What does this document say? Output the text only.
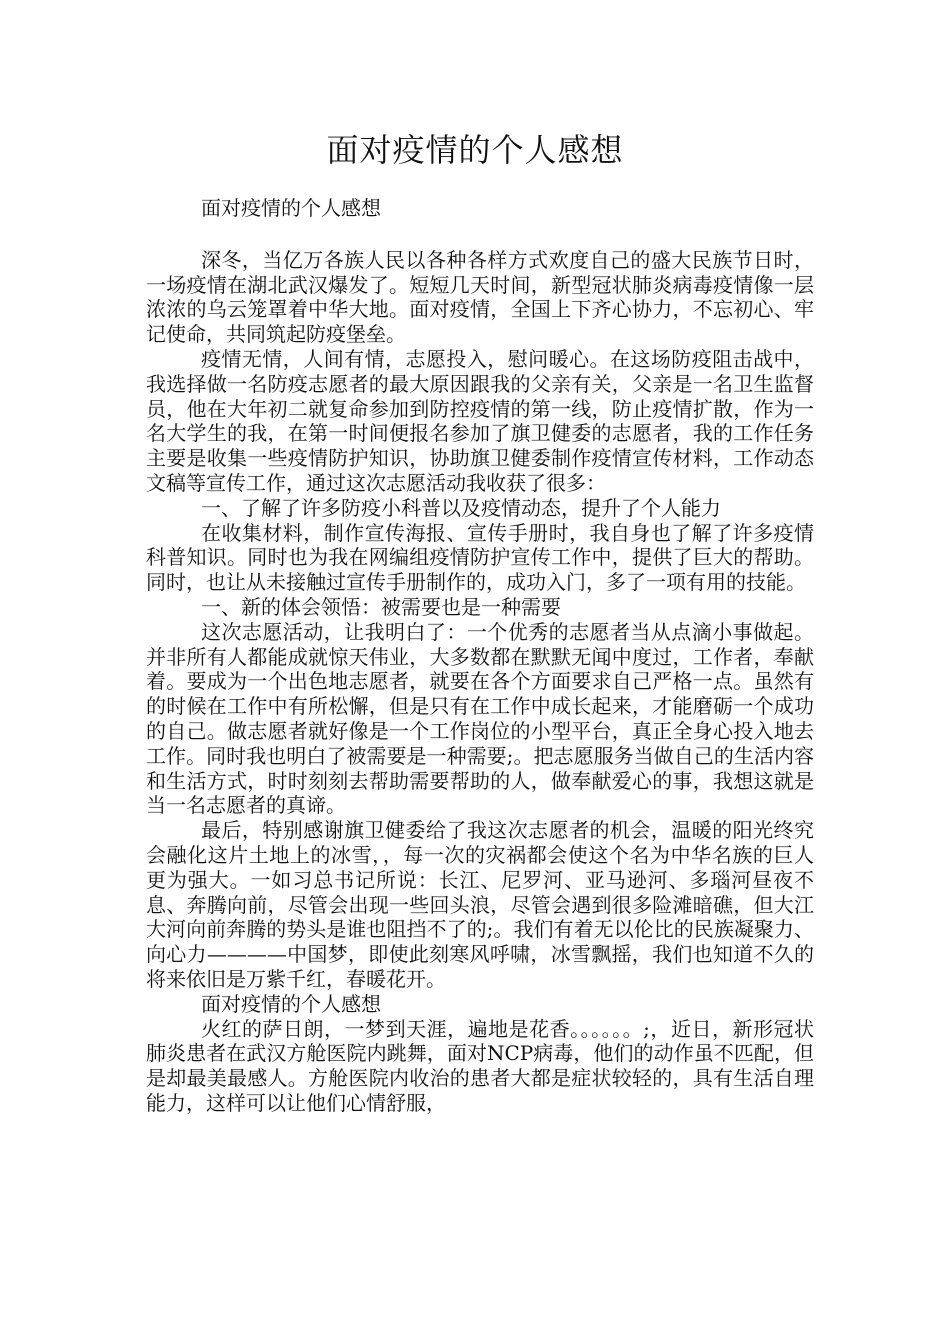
面对疫情的个人感想

面对疫情的个人感想

深冬，当亿万各族人民以各种各样方式欢度自己的盛大民族节日时，一场疫情在湖北武汉爆发了。短短几天时间，新型冠状肺炎病毒疫情像一层浓浓的乌云笼罩着中华大地。面对疫情，全国上下齐心协力，不忘初心、牢记使命，共同筑起防疫堡垒。

疫情无情，人间有情，志愿投入，慰问暖心。在这场防疫阻击战中，我选择做一名防疫志愿者的最大原因跟我的父亲有关，父亲是一名卫生监督员，他在大年初二就复命参加到防控疫情的第一线，防止疫情扩散，作为一名大学生的我，在第一时间便报名参加了旗卫健委的志愿者，我的工作任务主要是收集一些疫情防护知识，协助旗卫健委制作疫情宣传材料，工作动态文稿等宣传工作，通过这次志愿活动我收获了很多：

一、了解了许多防疫小科普以及疫情动态，提升了个人能力

在收集材料，制作宣传海报、宣传手册时，我自身也了解了许多疫情科普知识。同时也为我在网编组疫情防护宣传工作中，提供了巨大的帮助。同时，也让从未接触过宣传手册制作的，成功入门，多了一项有用的技能。

一、新的体会领悟：被需要也是一种需要

这次志愿活动，让我明白了：一个优秀的志愿者当从点滴小事做起。并非所有人都能成就惊天伟业，大多数都在默默无闻中度过，工作者，奉献着。要成为一个出色地志愿者，就要在各个方面要求自己严格一点。虽然有的时候在工作中有所松懈，但是只有在工作中成长起来，才能磨砺一个成功的自己。做志愿者就好像是一个工作岗位的小型平台，真正全身心投入地去工作。同时我也明白了被需要是一种需要;。把志愿服务当做自己的生活内容和生活方式，时时刻刻去帮助需要帮助的人，做奉献爱心的事，我想这就是当一名志愿者的真谛。

最后，特别感谢旗卫健委给了我这次志愿者的机会，温暖的阳光终究会融化这片土地上的冰雪，，每一次的灾祸都会使这个名为中华名族的巨人更为强大。一如习总书记所说：长江、尼罗河、亚马逊河、多瑙河昼夜不息、奔腾向前，尽管会出现一些回头浪，尽管会遇到很多险滩暗礁，但大江大河向前奔腾的势头是谁也阻挡不了的;。我们有着无以伦比的民族凝聚力、向心力————中国梦，即使此刻寒风呼啸，冰雪飘摇，我们也知道不久的将来依旧是万紫千红，春暖花开。

面对疫情的个人感想

火红的萨日朗，一梦到天涯，遍地是花香。。。。。。;，近日，新形冠状肺炎患者在武汉方舱医院内跳舞，面对NCP病毒，他们的动作虽不匹配，但是却最美最感人。方舱医院内收治的患者大都是症状较轻的，具有生活自理能力，这样可以让他们心情舒服，
